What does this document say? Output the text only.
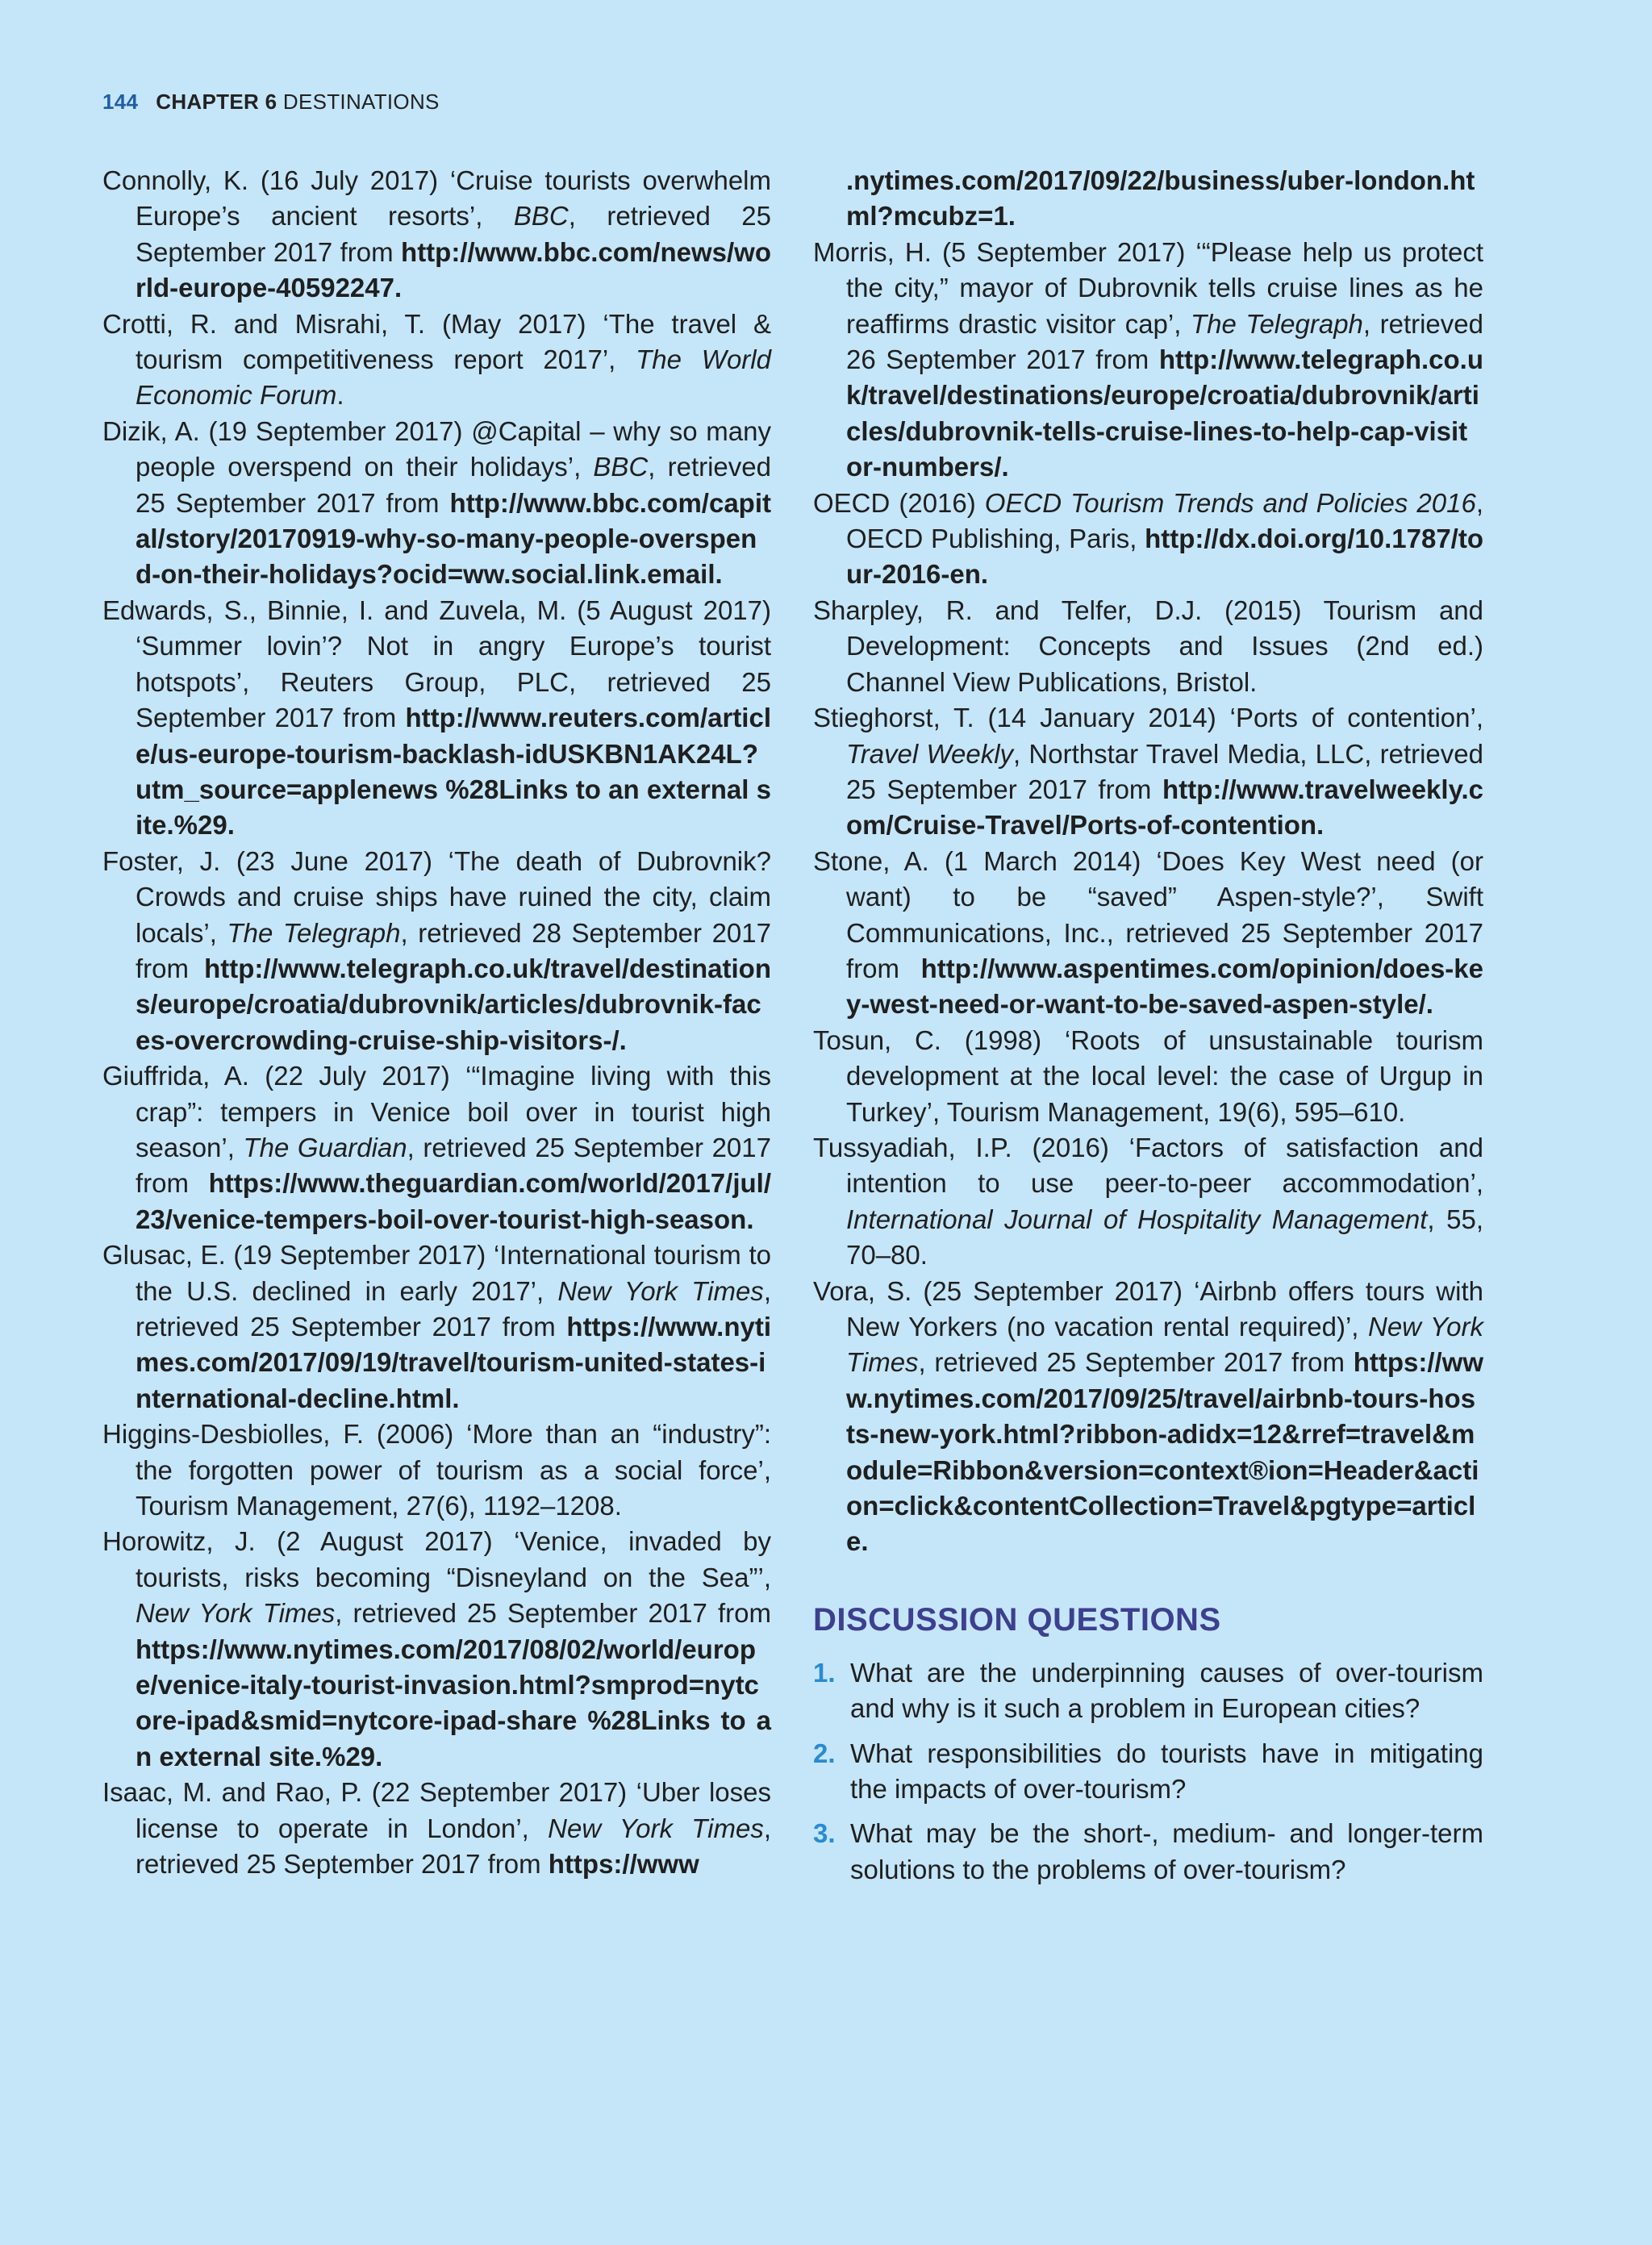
144 CHAPTER 6 DESTINATIONS

Connolly, K. (16 July 2017) ‘Cruise tourists overwhelm Europe’s ancient resorts’, BBC, retrieved 25 September 2017 from http://www.bbc.com/news/world-europe-40592247.

Crotti, R. and Misrahi, T. (May 2017) ‘The travel & tourism competitiveness report 2017’, The World Economic Forum.

Dizik, A. (19 September 2017) @Capital – why so many people overspend on their holidays’, BBC, retrieved 25 September 2017 from http://www.bbc.com/capital/story/20170919-why-so-many-people-overspend-on-their-holidays?ocid=ww.social.link.email.

Edwards, S., Binnie, I. and Zuvela, M. (5 August 2017) ‘Summer lovin’? Not in angry Europe’s tourist hotspots’, Reuters Group, PLC, retrieved 25 September 2017 from http://www.reuters.com/article/us-europe-tourism-backlash-idUSKBN1AK24L?utm_source=applenews %28Links to an external site.%29.

Foster, J. (23 June 2017) ‘The death of Dubrovnik? Crowds and cruise ships have ruined the city, claim locals’, The Telegraph, retrieved 28 September 2017 from http://www.telegraph.co.uk/travel/destinations/europe/croatia/dubrovnik/articles/dubrovnik-faces-overcrowding-cruise-ship-visitors-/.

Giuffrida, A. (22 July 2017) ‘“Imagine living with this crap”: tempers in Venice boil over in tourist high season’, The Guardian, retrieved 25 September 2017 from https://www.theguardian.com/world/2017/jul/23/venice-tempers-boil-over-tourist-high-season.

Glusac, E. (19 September 2017) ‘International tourism to the U.S. declined in early 2017’, New York Times, retrieved 25 September 2017 from https://www.nytimes.com/2017/09/19/travel/tourism-united-states-international-decline.html.

Higgins-Desbiolles, F. (2006) ‘More than an “industry”: the forgotten power of tourism as a social force’, Tourism Management, 27(6), 1192–1208.

Horowitz, J. (2 August 2017) ‘Venice, invaded by tourists, risks becoming “Disneyland on the Sea”’, New York Times, retrieved 25 September 2017 from https://www.nytimes.com/2017/08/02/world/europe/venice-italy-tourist-invasion.html?smprod=nytcore-ipad&smid=nytcore-ipad-share %28Links to an external site.%29.

Isaac, M. and Rao, P. (22 September 2017) ‘Uber loses license to operate in London’, New York Times, retrieved 25 September 2017 from https://www

.nytimes.com/2017/09/22/business/uber-london.html?mcubz=1.

Morris, H. (5 September 2017) ‘“Please help us protect the city,” mayor of Dubrovnik tells cruise lines as he reaffirms drastic visitor cap’, The Telegraph, retrieved 26 September 2017 from http://www.telegraph.co.uk/travel/destinations/europe/croatia/dubrovnik/articles/dubrovnik-tells-cruise-lines-to-help-cap-visitor-numbers/.

OECD (2016) OECD Tourism Trends and Policies 2016, OECD Publishing, Paris, http://dx.doi.org/10.1787/tour-2016-en.

Sharpley, R. and Telfer, D.J. (2015) Tourism and Development: Concepts and Issues (2nd ed.) Channel View Publications, Bristol.

Stieghorst, T. (14 January 2014) ‘Ports of contention’, Travel Weekly, Northstar Travel Media, LLC, retrieved 25 September 2017 from http://www.travelweekly.com/Cruise-Travel/Ports-of-contention.

Stone, A. (1 March 2014) ‘Does Key West need (or want) to be “saved” Aspen-style?’, Swift Communications, Inc., retrieved 25 September 2017 from http://www.aspentimes.com/opinion/does-key-west-need-or-want-to-be-saved-aspen-style/.

Tosun, C. (1998) ‘Roots of unsustainable tourism development at the local level: the case of Urgup in Turkey’, Tourism Management, 19(6), 595–610.

Tussyadiah, I.P. (2016) ‘Factors of satisfaction and intention to use peer-to-peer accommodation’, International Journal of Hospitality Management, 55, 70–80.

Vora, S. (25 September 2017) ‘Airbnb offers tours with New Yorkers (no vacation rental required)’, New York Times, retrieved 25 September 2017 from https://www.nytimes.com/2017/09/25/travel/airbnb-tours-hosts-new-york.html?ribbon-adidx=12&rref=travel&module=Ribbon&version=context®ion=Header&action=click&contentCollection=Travel&pgtype=article.

DISCUSSION QUESTIONS
1. What are the underpinning causes of over-tourism and why is it such a problem in European cities?
2. What responsibilities do tourists have in mitigating the impacts of over-tourism?
3. What may be the short-, medium- and longer-term solutions to the problems of over-tourism?
